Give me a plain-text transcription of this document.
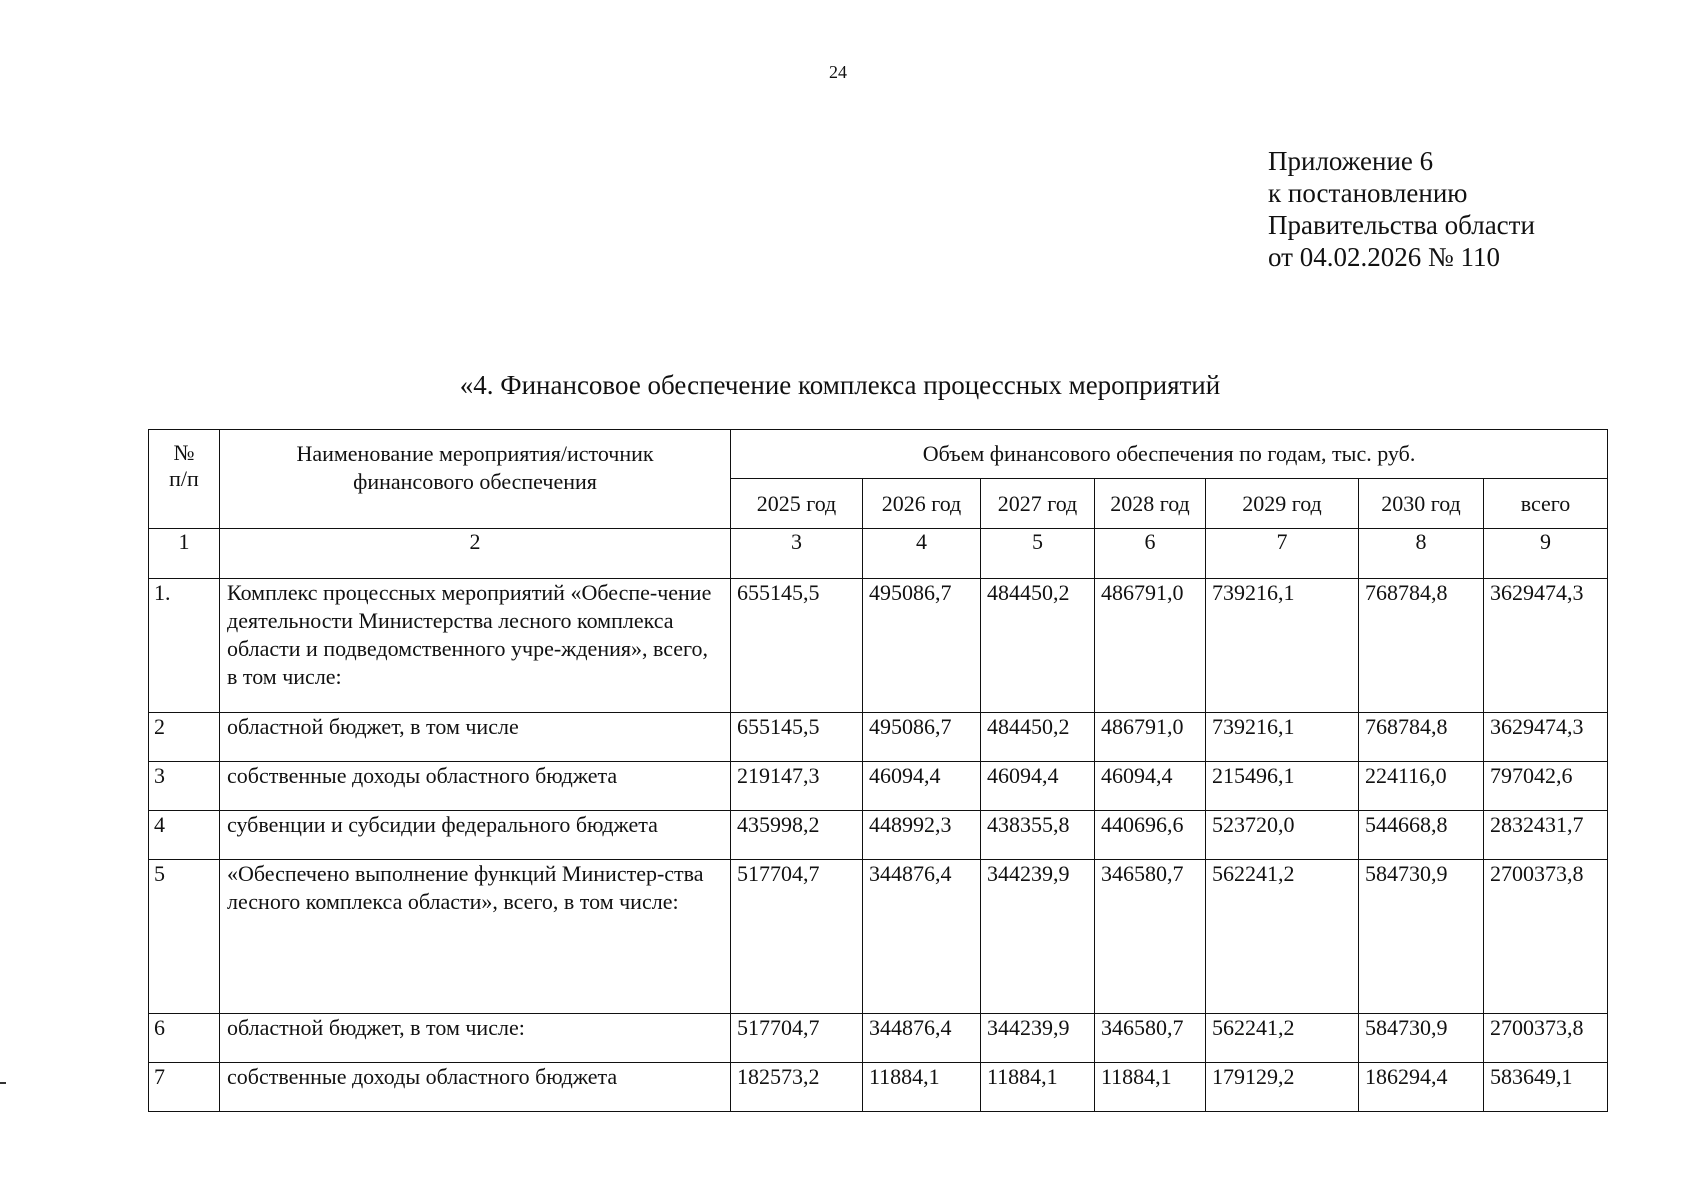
24
Приложение 6
к постановлению
Правительства области
от 04.02.2026 № 110
«4. Финансовое обеспечение комплекса процессных мероприятий
№ п/п	Наименование мероприятия/источник финансового обеспечения	Объем финансового обеспечения по годам, тыс. руб.						
		2025 год	2026 год	2027 год	2028 год	2029 год	2030 год	всего
1	2	3	4	5	6	7	8	9
1.	Комплекс процессных мероприятий «Обеспе-чение деятельности Министерства лесного комплекса области и подведомственного учре-ждения», всего, в том числе:	655145,5	495086,7	484450,2	486791,0	739216,1	768784,8	3629474,3
2	областной бюджет, в том числе	655145,5	495086,7	484450,2	486791,0	739216,1	768784,8	3629474,3
3	собственные доходы областного бюджета	219147,3	46094,4	46094,4	46094,4	215496,1	224116,0	797042,6
4	субвенции и субсидии федерального бюджета	435998,2	448992,3	438355,8	440696,6	523720,0	544668,8	2832431,7
5	«Обеспечено выполнение функций Министер-ства лесного комплекса области», всего, в том числе:	517704,7	344876,4	344239,9	346580,7	562241,2	584730,9	2700373,8
6	областной бюджет, в том числе:	517704,7	344876,4	344239,9	346580,7	562241,2	584730,9	2700373,8
7	собственные доходы областного бюджета	182573,2	11884,1	11884,1	11884,1	179129,2	186294,4	583649,1
